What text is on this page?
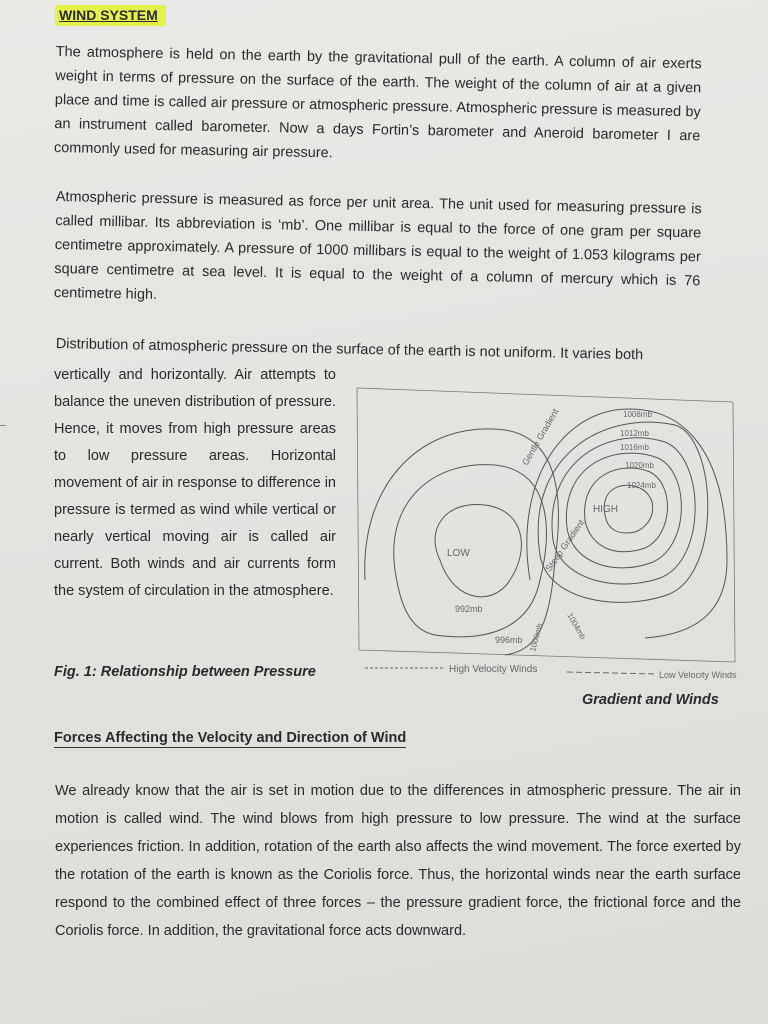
WIND SYSTEM
The atmosphere is held on the earth by the gravitational pull of the earth. A column of air exerts weight in terms of pressure on the surface of the earth. The weight of the column of air at a given place and time is called air pressure or atmospheric pressure. Atmospheric pressure is measured by an instrument called barometer. Now a days Fortin’s barometer and Aneroid barometer I are commonly used for measuring air pressure.
Atmospheric pressure is measured as force per unit area. The unit used for measuring pressure is called millibar. Its abbreviation is ‘mb’. One millibar is equal to the force of one gram per square centimetre approximately. A pressure of 1000 millibars is equal to the weight of 1.053 kilograms per square centimetre at sea level. It is equal to the weight of a column of mercury which is 76 centimetre high.
Distribution of atmospheric pressure on the surface of the earth is not uniform. It varies both
vertically and horizontally. Air attempts to balance the uneven distribution of pressure. Hence, it moves from high pressure areas to low pressure areas. Horizontal movement of air in response to difference in pressure is termed as wind while vertical or nearly vertical moving air is called air current. Both winds and air currents form the system of circulation in the atmosphere.
LOW
HIGH
Gentle Gradient
Steep Gradient
992mb
996mb 1000mb	1004mb
1008mb
1012mb
1016mb
1020mb
1024mb
High Velocity Winds	Low Velocity Winds
Fig. 1: Relationship between Pressure
Gradient and Winds
Forces Affecting the Velocity and Direction of Wind
We already know that the air is set in motion due to the differences in atmospheric pressure. The air in motion is called wind. The wind blows from high pressure to low pressure. The wind at the surface experiences friction. In addition, rotation of the earth also affects the wind movement. The force exerted by the rotation of the earth is known as the Coriolis force. Thus, the horizontal winds near the earth surface respond to the combined effect of three forces – the pressure gradient force, the frictional force and the Coriolis force. In addition, the gravitational force acts downward.
